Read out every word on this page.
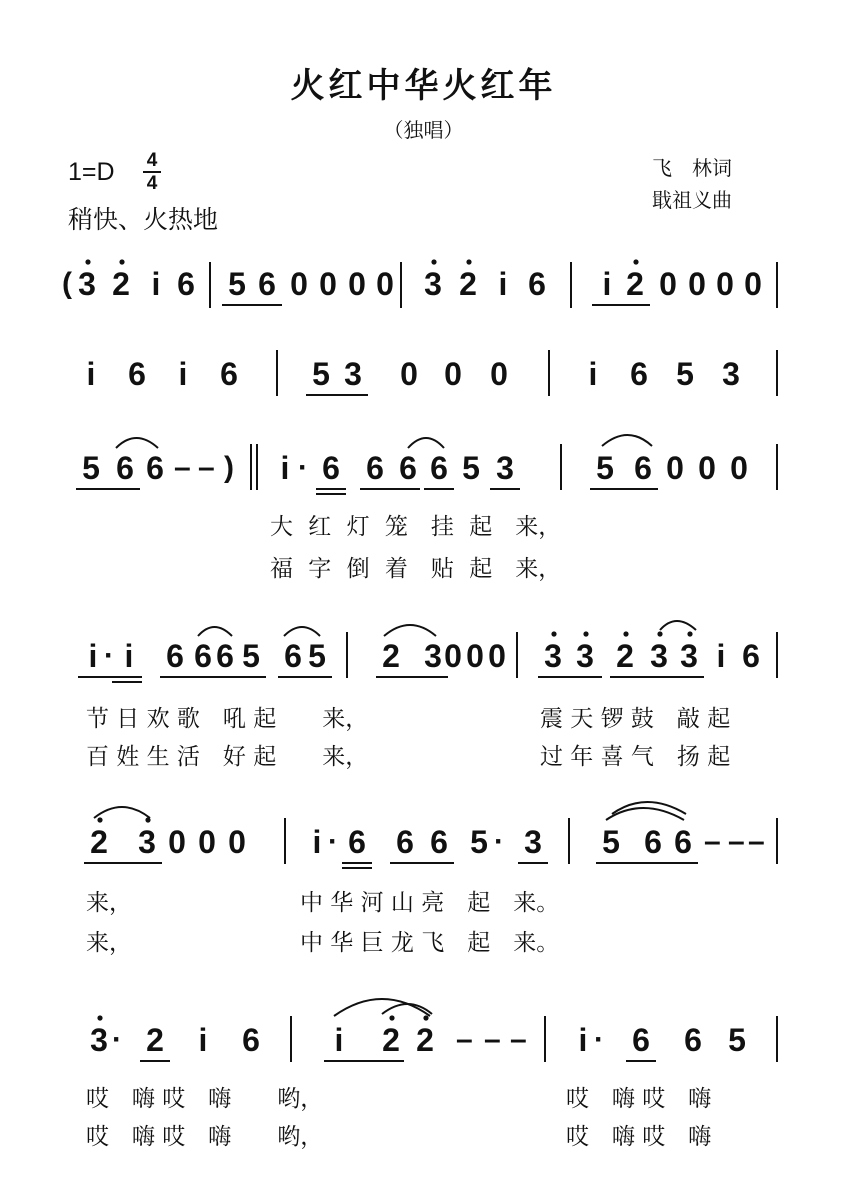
火红中华火红年
（独唱）
1=D	4
4
稍快、火热地
飞　林词
戢祖义曲
( 3 2 i 6 5 6 0 0 0 0 3 2 i 6 i 2 0 0 0 0
i 6 i 6 5 3 0 0 0	i 6 5 3
5 6 6 – – ) i · 6 6 6 6 5 3	5 6 0 0 0
大 红 灯 笼　挂 起　来，
福 字 倒 着　贴 起　来，
i · i 6 6 6 5 6 5 2 3 0 0 0 3 3 2 3 3 i 6
节 日 欢 歌　吼 起　　来，	震 天 锣 鼓　敲 起
百 姓 生 活　好 起　　来，	过 年 喜 气　扬 起
2 3 0 0 0 i · 6 6 6 5 · 3 5 6 6 – – –
来，	中 华 河 山 亮　起　来。
来，	中 华 巨 龙 飞　起　来。
3 · 2 i 6 i 2 2 – – – i · 6 6 5
哎　嗨 哎　嗨　　哟，	哎　嗨 哎　嗨
哎　嗨 哎　嗨　　哟，	哎　嗨 哎　嗨
